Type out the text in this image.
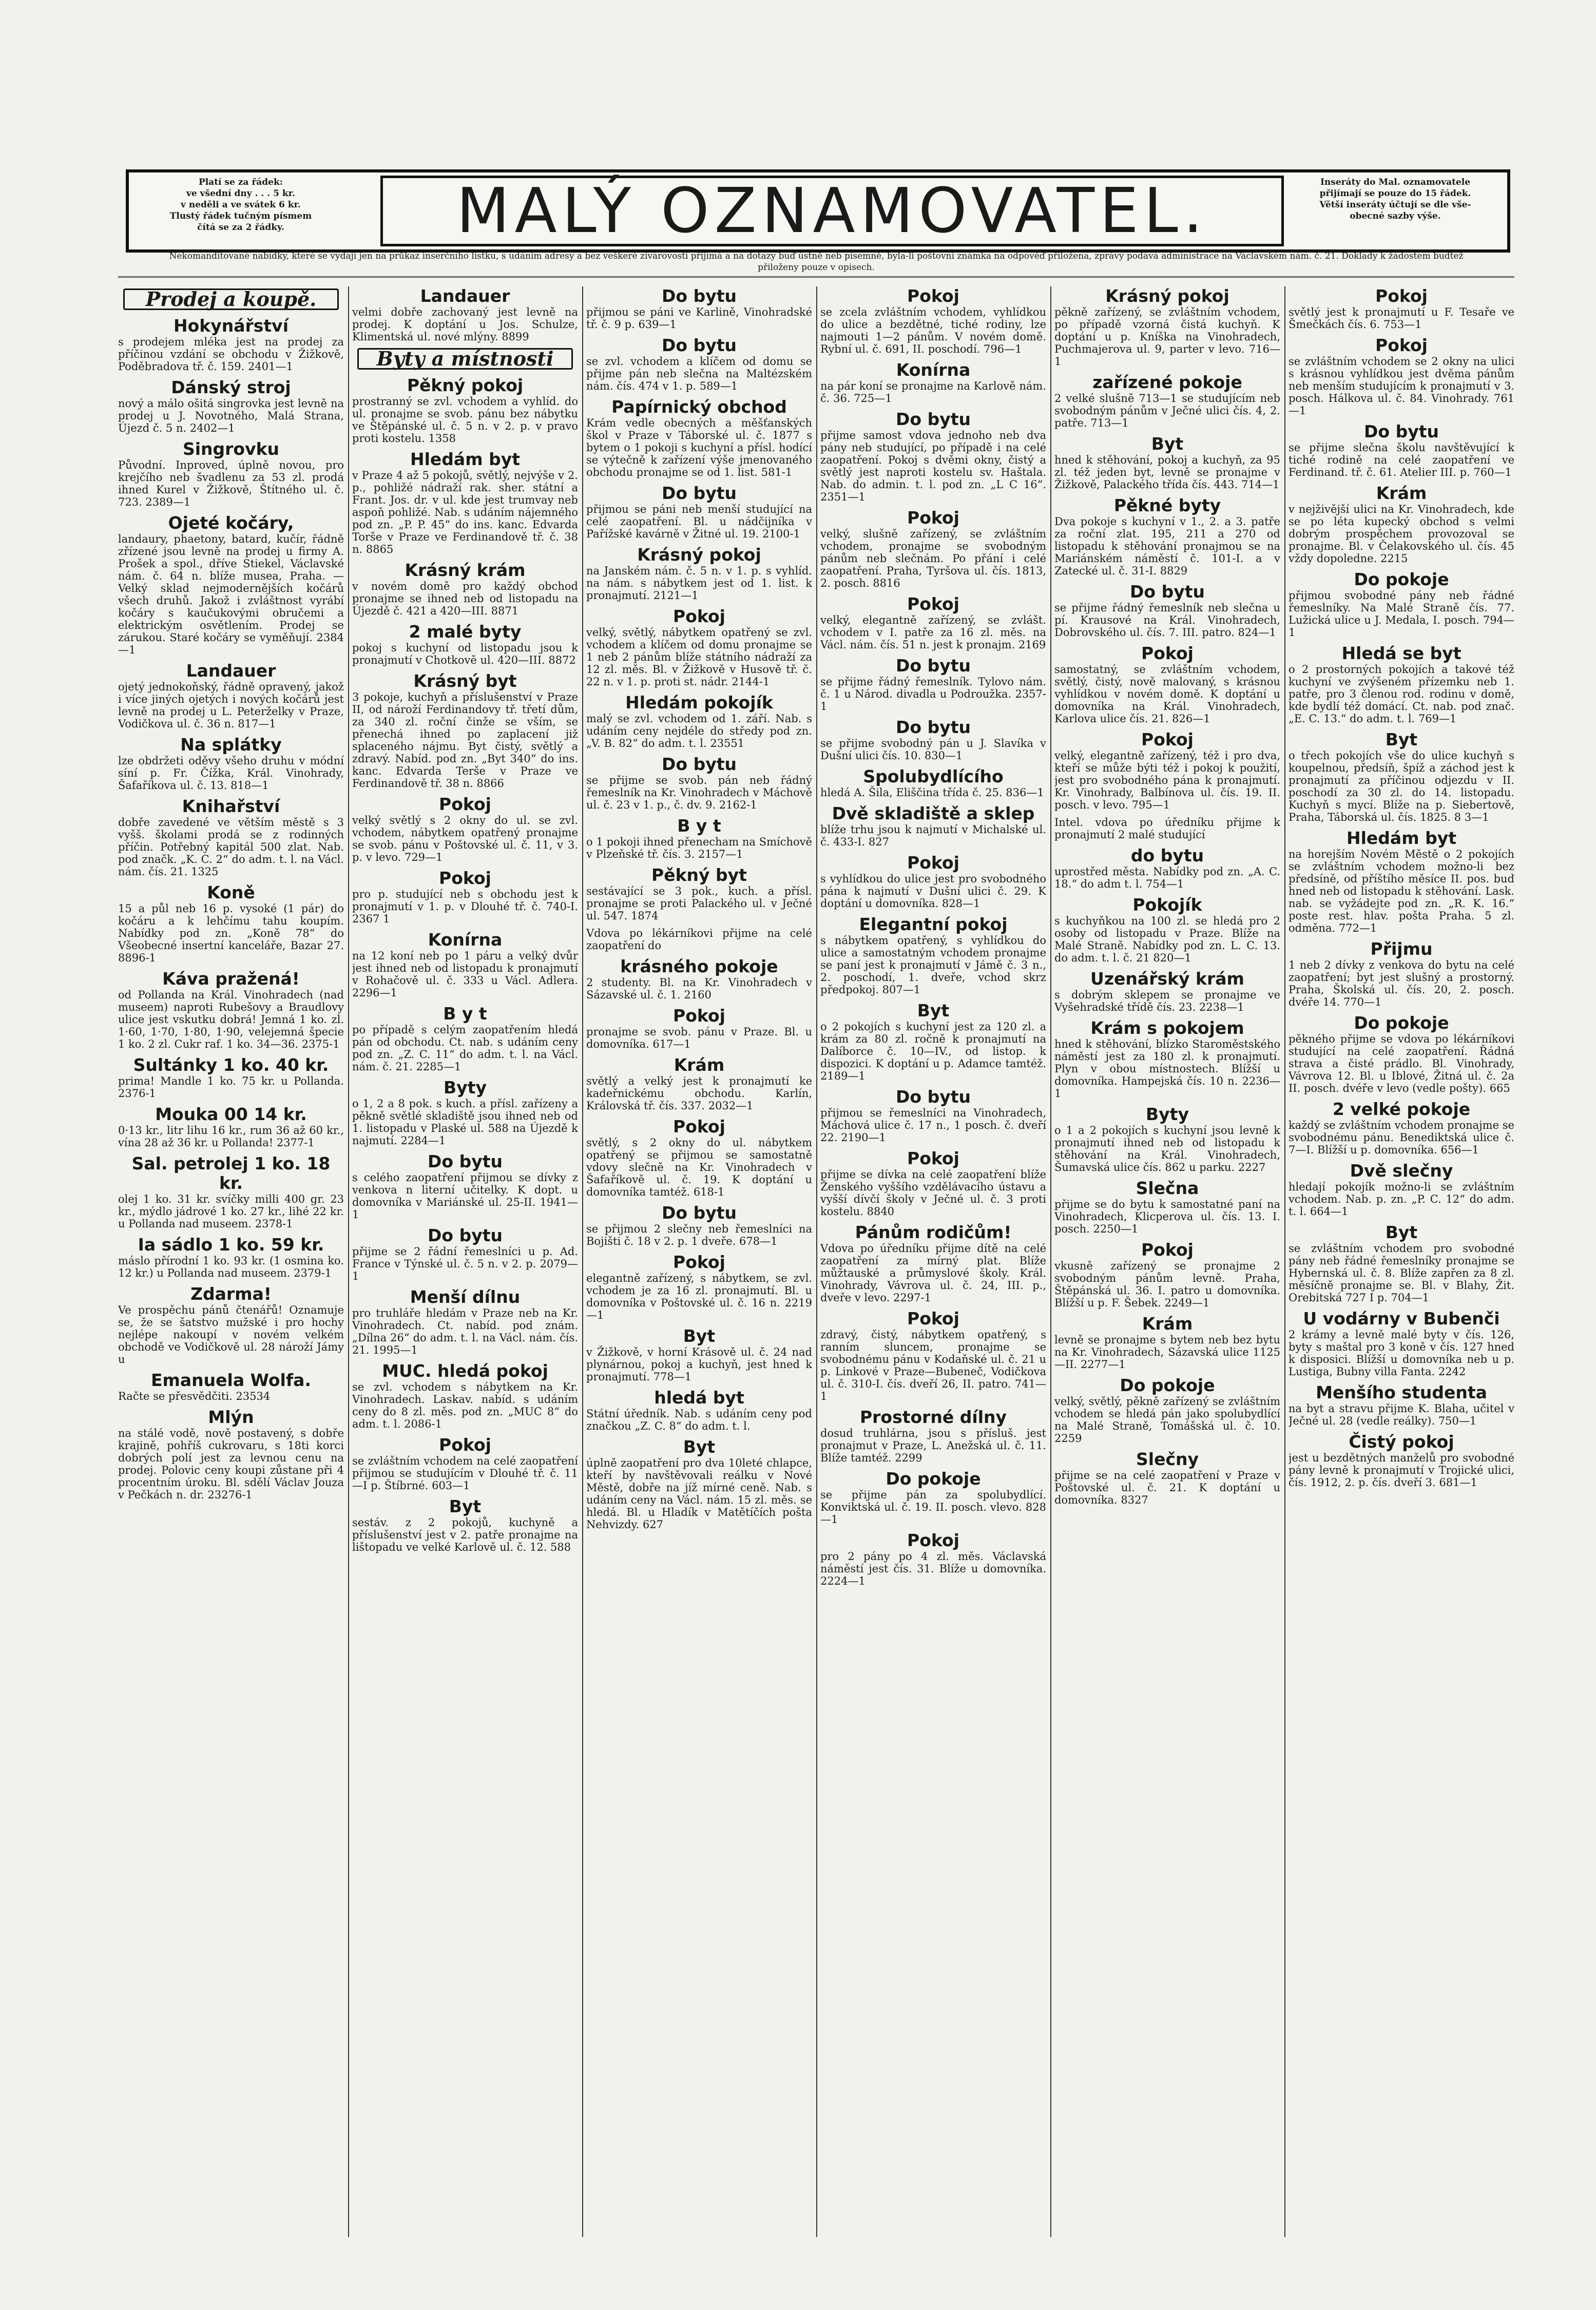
Platí se za řádek:
ve všední dny . . . 5 kr.
v neděli a ve svátek 6 kr.
Tlustý řádek tučným písmem
čítá se za 2 řádky.	MALÝ OZNAMOVATEL.	Inseráty do Mal. oznamovatele
přijímají se pouze do 15 řádek.
Větší inseráty účtují se dle vše-
obecné sazby výše.
Nekomanditované nabídky, které se vydají jen na průkaz inserčního lístku, s udáním adresy a bez veškeré zívárovosti přijímá a na dotazy buď ústně neb písemně, byla-li poštovní známka na odpověď přiložena, zprávy podává administrace na Václavském nám. č. 21. Doklady k žádostem budtež přiloženy pouze v opisech.
Prodej a koupě.
Hokynářství

s prodejem mléka jest na prodej za příčinou vzdání se obchodu v Žižkově, Poděbradova tř. č. 159. 2401—1

Dánský stroj

nový a málo ošitá singrovka jest levně na prodej u J. Novotného, Malá Strana, Újezd č. 5 n. 2402—1

Singrovku

Původní. Inproved, úplně novou, pro krejčího neb švadlenu za 53 zl. prodá ihned Kurel v Žižkově, Štítného ul. č. 723. 2389—1

Ojeté kočáry,

landaury, phaetony, batard, kučír, řádně zřízené jsou levně na prodej u firmy A. Prošek a spol., dříve Stiekel, Václavské nám. č. 64 n. blíže musea, Praha. — Velký sklad nejmodernějších kočárů všech druhů. Jakož i zvláštnost vyrábí kočáry s kaučukovými obručemi a elektrickým osvětlením. Prodej se zárukou. Staré kočáry se vyměňují. 2384—1

Landauer

ojetý jednokoňský, řádně opravený, jakož i více jiných ojetých i nových kočárů jest levně na prodej u L. Peterželky v Praze, Vodičkova ul. č. 36 n. 817—1

Na splátky

lze obdržeti oděvy všeho druhu v módní síní p. Fr. Čížka, Král. Vinohrady, Šafaříkova ul. č. 13. 818—1

Knihařství

dobře zavedené ve větším městě s 3 vyšš. školami prodá se z rodinných příčin. Potřebný kapitál 500 zlat. Nab. pod značk. „K. C. 2“ do adm. t. l. na Václ. nám. čís. 21. 1325

Koně

15 a půl neb 16 p. vysoké (1 pár) do kočáru a k lehčímu tahu koupím. Nabídky pod zn. „Koně 78“ do Všeobecné insertní kanceláře, Bazar 27. 8896-1

Káva pražená!

od Pollanda na Král. Vinohradech (nad museem) naproti Rubešovy a Braudlovy ulice jest vskutku dobrá! Jemná 1 ko. zl. 1·60, 1·70, 1·80, 1·90, velejemná špecie 1 ko. 2 zl. Cukr raf. 1 ko. 34—36. 2375-1

Sultánky 1 ko. 40 kr.

prima! Mandle 1 ko. 75 kr. u Pollanda. 2376-1

Mouka 00 14 kr.

0·13 kr., litr lihu 16 kr., rum 36 až 60 kr., vína 28 až 36 kr. u Pollanda! 2377-1

Sal. petrolej 1 ko. 18 kr.

olej 1 ko. 31 kr. svíčky milli 400 gr. 23 kr., mýdlo jádrové 1 ko. 27 kr., lihé 22 kr. u Pollanda nad museem. 2378-1

Ia sádlo 1 ko. 59 kr.

máslo přírodní 1 ko. 93 kr. (1 osmina ko. 12 kr.) u Pollanda nad museem. 2379-1

Zdarma!

Ve prospěchu pánů čtenářů! Oznamuje se, že se šatstvo mužské i pro hochy nejlépe nakoupí v novém velkém obchodě ve Vodičkově ul. 28 nároží Jámy u

Emanuela Wolfa.

Račte se přesvědčiti. 23534

Mlýn

na stálé vodě, nově postavený, s dobře krajině, pohříš cukrovaru, s 18ti korci dobrých polí jest za levnou cenu na prodej. Polovic ceny koupi zůstane při 4 procentním úroku. Bl. sdělí Václav Jouza v Pečkách n. dr. 23276-1

Landauer

velmi dobře zachovaný jest levně na prodej. K doptání u Jos. Schulze, Klimentská ul. nové mlýny. 8899

Byty a místnosti
Pěkný pokoj

prostranný se zvl. vchodem a vyhlíd. do ul. pronajme se svob. pánu bez nábytku ve Štěpánské ul. č. 5 n. v 2. p. v pravo proti kostelu. 1358

Hledám byt

v Praze 4 až 5 pokojů, světlý, nejvýše v 2. p., pohližé nádraží rak. sher. státní a Frant. Jos. dr. v ul. kde jest trumvay neb aspoň pohližé. Nab. s udáním nájemného pod zn. „P. P. 45“ do ins. kanc. Edvarda Torše v Praze ve Ferdinandově tř. č. 38 n. 8865

Krásný krám

v novém domě pro každý obchod pronajme se ihned neb od listopadu na Újezdě č. 421 a 420—III. 8871

2 malé byty

pokoj s kuchyní od listopadu jsou k pronajmutí v Chotkově ul. 420—III. 8872

Krásný byt

3 pokoje, kuchyň a příslušenství v Praze II, od nároží Ferdinandovy tř. třetí dům, za 340 zl. roční činže se vším, se přenechá ihned po zaplacení již splaceného nájmu. Byt čistý, světlý a zdravý. Nabíd. pod zn. „Byt 340“ do ins. kanc. Edvarda Terše v Praze ve Ferdinandově tř. 38 n. 8866

Pokoj

velký světlý s 2 okny do ul. se zvl. vchodem, nábytkem opatřený pronajme se svob. pánu v Poštovské ul. č. 11, v 3. p. v levo. 729—1

Pokoj

pro p. studující neb s obchodu jest k pronajmutí v 1. p. v Dlouhé tř. č. 740-I. 2367 1

Konírna

na 12 koní neb po 1 páru a velký dvůr jest ihned neb od listopadu k pronajmutí v Rohačově ul. č. 333 u Václ. Adlera. 2296—1

B y t

po případě s celým zaopatřením hledá pán od obchodu. Ct. nab. s udáním ceny pod zn. „Z. C. 11“ do adm. t. l. na Václ. nám. č. 21. 2285—1

Byty

o 1, 2 a 8 pok. s kuch. a přísl. zařízeny a pěkně světlé skladiště jsou ihned neb od 1. listopadu v Plaské ul. 588 na Újezdě k najmutí. 2284—1

Do bytu

s celého zaopatření přijmou se dívky z venkova n literní učitelky. K dopt. u domovníka v Mariánské ul. 25-II. 1941—1

Do bytu

přijme se 2 řádní řemeslníci u p. Ad. France v Týnské ul. č. 5 n. v 2. p. 2079—1

Menší dílnu

pro truhláře hledám v Praze neb na Kr. Vinohradech. Ct. nabíd. pod znám. „Dílna 26“ do adm. t. l. na Václ. nám. čís. 21. 1995—1

MUC. hledá pokoj

se zvl. vchodem s nábytkem na Kr. Vinohradech. Laskav. nabíd. s udáním ceny do 8 zl. měs. pod zn. „MUC 8“ do adm. t. l. 2086-1

Pokoj

se zvláštním vchodem na celé zaopatření přijmou se studujícím v Dlouhé tř. č. 11—I p. Štíbrné. 603—1

Byt

sestáv. z 2 pokojů, kuchyně a příslušenství jest v 2. patře pronajme na lištopadu ve velké Karlově ul. č. 12. 588

Do bytu

přijmou se páni ve Karlině, Vinohradské tř. č. 9 p. 639—1

Do bytu

se zvl. vchodem a klíčem od domu se přijme pán neb slečna na Maltézském nám. čís. 474 v 1. p. 589—1

Papírnický obchod

Krám vedle obecných a měšťanských škol v Praze v Táborské ul. č. 1877 s bytem o 1 pokoji s kuchyní a přísl. hodící se výtečně k zařízení výše jmenovaného obchodu pronajme se od 1. list. 581-1

Do bytu

přijmou se páni neb menší studující na celé zaopatření. Bl. u nádčijníka v Pařížské kavárně v Žitné ul. 19. 2100-1

Krásný pokoj

na Janském nám. č. 5 n. v 1. p. s vyhlíd. na nám. s nábytkem jest od 1. list. k pronajmutí. 2121—1

Pokoj

velký, světlý, nábytkem opatřený se zvl. vchodem a klíčem od domu pronajme se 1 neb 2 pánům blíže státního nádraží za 12 zl. měs. Bl. v Žižkově v Husově tř. č. 22 n. v 1. p. proti st. nádr. 2144-1

Hledám pokojík

malý se zvl. vchodem od 1. září. Nab. s udáním ceny nejdéle do středy pod zn. „V. B. 82“ do adm. t. l. 23551

Do bytu

se přijme se svob. pán neb řádný řemeslník na Kr. Vinohradech v Máchově ul. č. 23 v 1. p., č. dv. 9. 2162-1

B y t

o 1 pokoji ihned přenecham na Smíchově v Plzeňské tř. čís. 3. 2157—1

Pěkný byt

sestávající se 3 pok., kuch. a přísl. pronajme se proti Palackého ul. v Ječné ul. 547. 1874

Vdova po lékárníkovi přijme na celé zaopatření do

krásného pokoje

2 studenty. Bl. na Kr. Vinohradech v Sázavské ul. č. 1. 2160

Pokoj

pronajme se svob. pánu v Praze. Bl. u domovníka. 617—1

Krám

světlý a velký jest k pronajmutí ke kadeřnickému obchodu. Karlín, Královská tř. čís. 337. 2032—1

Pokoj

světlý, s 2 okny do ul. nábytkem opatřený se přijmou se samostatně vdovy slečně na Kr. Vinohradech v Šafaříkově ul. č. 19. K doptání u domovníka tamtéž. 618-1

Do bytu

se přijmou 2 slečny neb řemeslníci na Bojišti č. 18 v 2. p. 1 dveře. 678—1

Pokoj

elegantně zařízený, s nábytkem, se zvl. vchodem je za 16 zl. pronajmutí. Bl. u domovníka v Poštovské ul. č. 16 n. 2219—1

Byt

v Žižkově, v horní Krásově ul. č. 24 nad plynárnou, pokoj a kuchyň, jest hned k pronajmutí. 778—1

hledá byt

Státní úředník. Nab. s udáním ceny pod značkou „Z. C. 8“ do adm. t. l.

Byt

úplně zaopatření pro dva 10leté chlapce, kteří by navštěvovali reálku v Nové Městě, dobře na jíž mírné ceně. Nab. s udáním ceny na Václ. nám. 15 zl. měs. se hledá. Bl. u Hladík v Matětíčích pošta Nehvizdy. 627

Pokoj

se zcela zvláštním vchodem, vyhlídkou do ulice a bezdětné, tiché rodiny, lze najmouti 1—2 pánům. V novém domě. Rybní ul. č. 691, II. poschodí. 796—1

Konírna

na pár koní se pronajme na Karlově nám. č. 36. 725—1

Do bytu

přijme samost vdova jednoho neb dva pány neb studující, po případě i na celé zaopatření. Pokoj s dvěmi okny, čistý a světlý jest naproti kostelu sv. Haštala. Nab. do admin. t. l. pod zn. „L C 16“. 2351—1

Pokoj

velký, slušně zařízený, se zvláštním vchodem, pronajme se svobodným pánům neb slečnám. Po přání i celé zaopatření. Praha, Tyršova ul. čís. 1813, 2. posch. 8816

Pokoj

velký, elegantně zařízený, se zvlášt. vchodem v I. patře za 16 zl. měs. na Václ. nám. čís. 51 n. jest k pronajm. 2169

Do bytu

se přijme řádný řemeslník. Tylovo nám. č. 1 u Národ. divadla u Podroužka. 2357-1

Do bytu

se přijme svobodný pán u J. Slavíka v Dušní ulici čís. 10. 830—1

Spolubydlícího

hledá A. Šila, Eliščina třída č. 25. 836—1

Dvě skladiště a sklep

blíže trhu jsou k najmutí v Michalské ul. č. 433-I. 827

Pokoj

s vyhlídkou do ulice jest pro svobodného pána k najmutí v Dušní ulici č. 29. K doptání u domovníka. 828—1

Elegantní pokoj

s nábytkem opatřený, s vyhlídkou do ulice a samostatným vchodem pronajme se paní jest k pronajmutí v Jámě č. 3 n., 2. poschodí, 1. dveře, vchod skrz předpokoj. 807—1

Byt

o 2 pokojích s kuchyní jest za 120 zl. a krám za 80 zl. ročně k pronajmutí na Dalíborce č. 10—IV., od listop. k dispozici. K doptání u p. Adamce tamtéž. 2189—1

Do bytu

přijmou se řemeslníci na Vinohradech, Máchová ulice č. 17 n., 1 posch. č. dveří 22. 2190—1

Pokoj

přijme se dívka na celé zaopatření blíže Ženského vyššího vzdělávacího ústavu a vyšší dívčí školy v Ječné ul. č. 3 proti kostelu. 8840

Pánům rodičům!

Vdova po úředníku přijme dítě na celé zaopatření za mírný plat. Blíže můžtauské a průmyslové školy. Král. Vinohrady, Vávrova ul. č. 24, III. p., dveře v levo. 2297-1

Pokoj

zdravý, čistý, nábytkem opatřený, s ranním sluncem, pronajme se svobodnému pánu v Kodaňské ul. č. 21 u p. Linkové v Praze—Bubeneč, Vodičkova ul. č. 310-I. čís. dveří 26, II. patro. 741—1

Prostorné dílny

dosud truhlárna, jsou s přísluš. jest pronajmut v Praze, L. Anežská ul. č. 11. Blíže tamtéž. 2299

Do pokoje

se přijme pán za spolubydlící. Konviktská ul. č. 19. II. posch. vlevo. 828—1

Pokoj

pro 2 pány po 4 zl. měs. Václavská náměstí jest čís. 31. Blíže u domovníka. 2224—1

Krásný pokoj

pěkně zařízený, se zvláštním vchodem, po případě vzorná čistá kuchyň. K doptání u p. Kníška na Vinohradech, Puchmajerova ul. 9, parter v levo. 716—1

zařízené pokoje

2 velké slušně 713—1 se studujícím neb svobodným pánům v Ječné ulici čís. 4, 2. patře. 713—1

Byt

hned k stěhování, pokoj a kuchyň, za 95 zl. též jeden byt, levně se pronajme v Žižkově, Palackého třída čís. 443. 714—1

Pěkné byty

Dva pokoje s kuchyní v 1., 2. a 3. patře za roční zlat. 195, 211 a 270 od listopadu k stěhování pronajmou se na Mariánském náměstí č. 101-I. a v Zatecké ul. č. 31-I. 8829

Do bytu

se přijme řádný řemeslník neb slečna u pí. Krausové na Král. Vinohradech, Dobrovského ul. čís. 7. III. patro. 824—1

Pokoj

samostatný, se zvláštním vchodem, světlý, čistý, nově malovaný, s krásnou vyhlídkou v novém domě. K doptání u domovníka na Král. Vinohradech, Karlova ulice čís. 21. 826—1

Pokoj

velký, elegantně zařízený, též i pro dva, kteří se může býti též i pokoj k použití, jest pro svobodného pána k pronajmutí. Kr. Vinohrady, Balbínova ul. čís. 19. II. posch. v levo. 795—1

Intel. vdova po úředníku přijme k pronajmutí 2 malé studující

do bytu

uprostřed města. Nabídky pod zn. „A. C. 18.“ do adm t. l. 754—1

Pokojík

s kuchyňkou na 100 zl. se hledá pro 2 osoby od listopadu v Praze. Blíže na Malé Straně. Nabídky pod zn. L. C. 13. do adm. t. l. č. 21 820—1

Uzenářský krám

s dobrým sklepem se pronajme ve Vyšehradské třídě čís. 23. 2238—1

Krám s pokojem

hned k stěhování, blízko Staroměstského náměstí jest za 180 zl. k pronajmutí. Plyn v obou místnostech. Blížší u domovníka. Hampejská čís. 10 n. 2236—1

Byty

o 1 a 2 pokojích s kuchyní jsou levně k pronajmutí ihned neb od listopadu k stěhování na Král. Vinohradech, Šumavská ulice čís. 862 u parku. 2227

Slečna

přijme se do bytu k samostatné paní na Vinohradech, Klicperova ul. čís. 13. I. posch. 2250—1

Pokoj

vkusně zařízený se pronajme 2 svobodným pánům levně. Praha, Štěpánská ul. 36. I. patro u domovníka. Blížší u p. F. Šebek. 2249—1

Krám

levně se pronajme s bytem neb bez bytu na Kr. Vinohradech, Sázavská ulice 1125—II. 2277—1

Do pokoje

velký, světlý, pěkně zařízený se zvláštním vchodem se hledá pán jako spolubydlící na Malé Straně, Tomášská ul. č. 10. 2259

Slečny

přijme se na celé zaopatření v Praze v Poštovské ul. č. 21. K doptání u domovníka. 8327

Pokoj

světlý jest k pronajmutí u F. Tesaře ve Šmečkách čís. 6. 753—1

Pokoj

se zvláštním vchodem se 2 okny na ulici s krásnou vyhlídkou jest dvěma pánům neb menším studujícím k pronajmutí v 3. posch. Hálkova ul. č. 84. Vinohrady. 761—1

Do bytu

se přijme slečna školu navštěvující k tiché rodině na celé zaopatření ve Ferdinand. tř. č. 61. Atelier III. p. 760—1

Krám

v nejživější ulici na Kr. Vinohradech, kde se po léta kupecký obchod s velmi dobrým prospěchem provozoval se pronajme. Bl. v Čelakovského ul. čís. 45 vždy dopoledne. 2215

Do pokoje

přijmou svobodné pány neb řádné řemeslníky. Na Malé Straně čís. 77. Lužická ulice u J. Medala, I. posch. 794—1

Hledá se byt

o 2 prostorných pokojích a takové též kuchyní ve zvýšeném přízemku neb 1. patře, pro 3 členou rod. rodinu v domě, kde bydlí též domácí. Ct. nab. pod znač. „E. C. 13.“ do adm. t. l. 769—1

Byt

o třech pokojích vše do ulice kuchyň s koupelnou, předsíň, špíž a záchod jest k pronajmutí za příčinou odjezdu v II. poschodí za 30 zl. do 14. listopadu. Kuchyň s mycí. Blíže na p. Siebertově, Praha, Táborská ul. čís. 1825. 8 3—1

Hledám byt

na horejším Novém Městě o 2 pokojích se zvláštním vchodem možno-li bez předsíně, od příštího měsíce II. pos. buď hned neb od listopadu k stěhování. Lask. nab. se vyžádejte pod zn. „R. K. 16.“ poste rest. hlav. pošta Praha. 5 zl. odměna. 772—1

Přijmu

1 neb 2 dívky z venkova do bytu na celé zaopatření; byt jest slušný a prostorný. Praha, Školská ul. čís. 20, 2. posch. dvéře 14. 770—1

Do pokoje

pěkného přijme se vdova po lékárníkovi studující na celé zaopatření. Řádná strava a čisté prádlo. Bl. Vinohrady, Vávrova 12. Bl. u Iblové, Žitná ul. č. 2a II. posch. dvéře v levo (vedle pošty). 665

2 velké pokoje

každý se zvláštním vchodem pronajme se svobodnému pánu. Benediktská ulice č. 7—I. Blížší u p. domovníka. 656—1

Dvě slečny

hledají pokojík možno-li se zvláštním vchodem. Nab. p. zn. „P. C. 12“ do adm. t. l. 664—1

Byt

se zvláštním vchodem pro svobodné pány neb řádné řemeslníky pronajme se Hybernská ul. č. 8. Blíže zapřen za 8 zl. měsíčně pronajme se. Bl. v Blahy, Žit. Orebitská 727 I p. 704—1

U vodárny v Bubenči

2 krámy a levně malé byty v čís. 126, byty s maštal pro 3 koně v čís. 127 hned k disposici. Blížší u domovníka neb u p. Lustiga, Bubny villa Fanta. 2242

Menšího studenta

na byt a stravu přijme K. Blaha, učitel v Ječné ul. 28 (vedle reálky). 750—1

Čistý pokoj

jest u bezdětných manželů pro svobodné pány levně k pronajmutí v Trojické ulici, čís. 1912, 2. p. čís. dveří 3. 681—1
